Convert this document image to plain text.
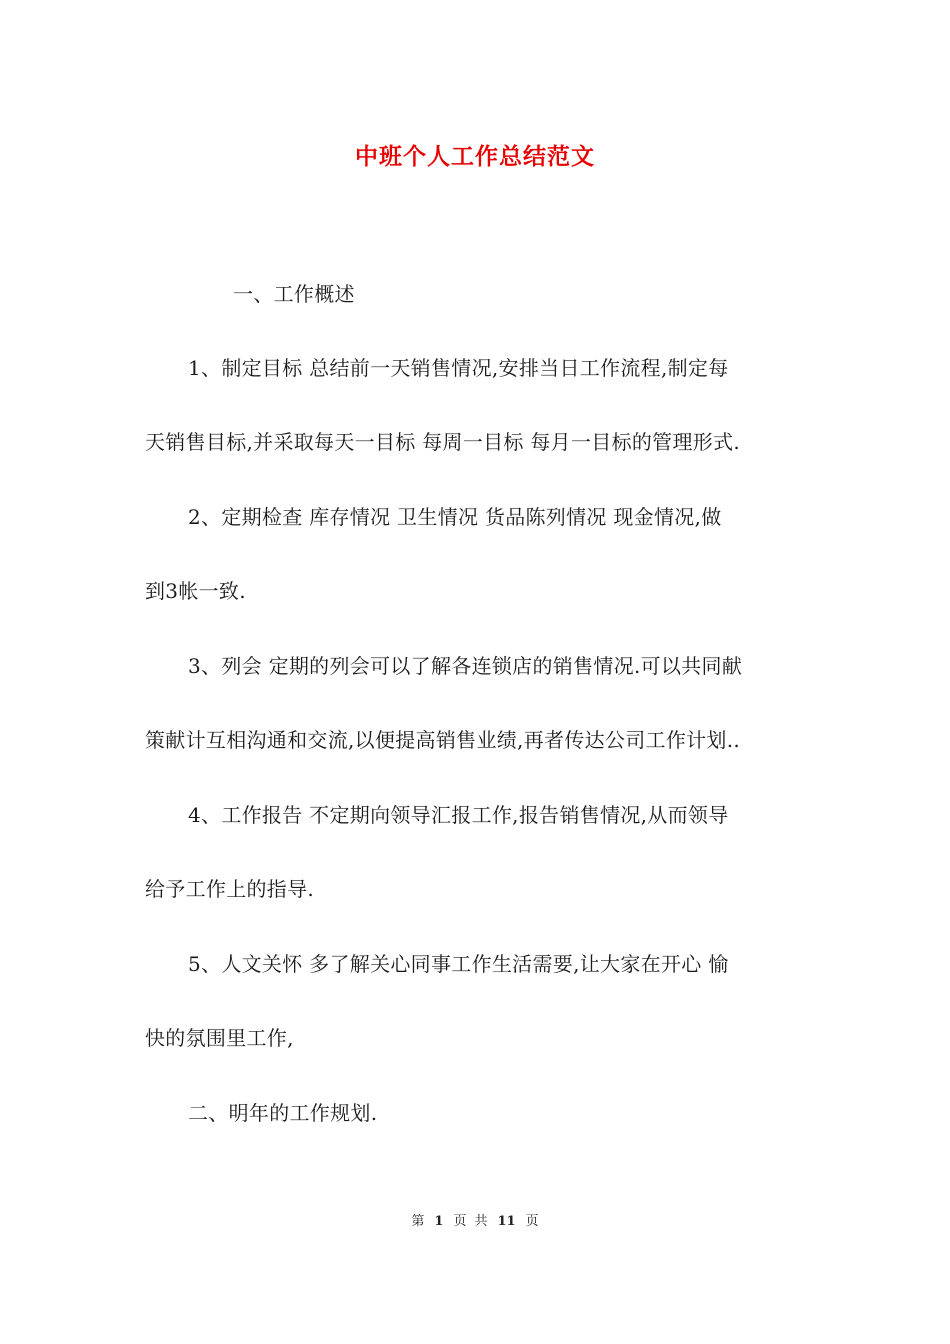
中班个人工作总结范文
一、工作概述
1、制定目标 总结前一天销售情况,安排当日工作流程,制定每
天销售目标,并采取每天一目标 每周一目标 每月一目标的管理形式.
2、定期检查 库存情况 卫生情况 货品陈列情况 现金情况,做
到3帐一致.
3、列会 定期的列会可以了解各连锁店的销售情况.可以共同献
策献计互相沟通和交流,以便提高销售业绩,再者传达公司工作计划..
4、工作报告 不定期向领导汇报工作,报告销售情况,从而领导
给予工作上的指导.
5、人文关怀 多了解关心同事工作生活需要,让大家在开心 愉
快的氛围里工作,
二、明年的工作规划.
第 1 页 共 11 页
